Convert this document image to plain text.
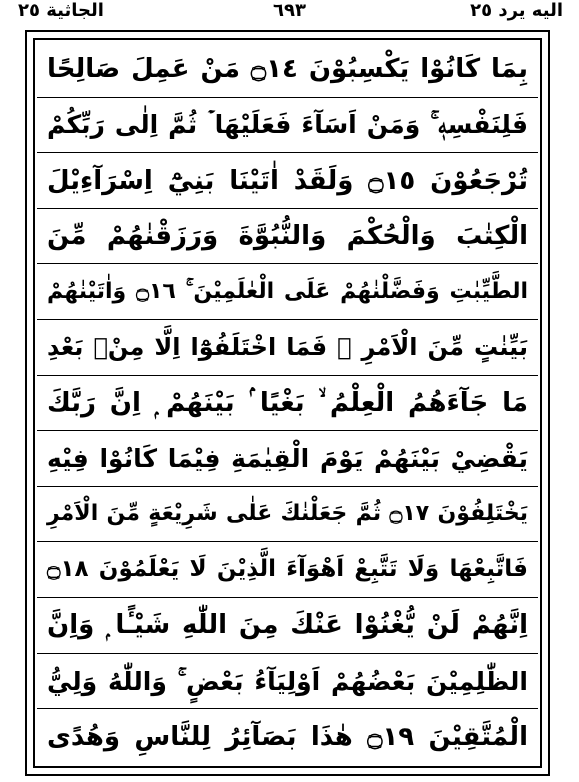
الجاثية ٢٥	٦٩٣	اليه يرد ٢٥
بِمَا كَانُوْا يَكْسِبُوْنَ ۝١٤ مَنْ عَمِلَ صَالِحًا
فَلِنَفْسِهٖ ۚ وَمَنْ اَسَآءَ فَعَلَيْهَا ۡ ثُمَّ اِلٰى رَبِّكُمْ
تُرْجَعُوْنَ ۝١٥ وَلَقَدْ اٰتَيْنَا بَنِيْٓ اِسْرَآءِيْلَ
الْكِتٰبَ وَالْحُكْمَ وَالنُّبُوَّةَ وَرَزَقْنٰهُمْ مِّنَ
الطَّيِّبٰتِ وَفَضَّلْنٰهُمْ عَلَى الْعٰلَمِيْنَ ۚ ۝١٦ وَاٰتَيْنٰهُمْ
بَيِّنٰتٍ مِّنَ الْاَمْرِ ۚ فَمَا اخْتَلَفُوْٓا اِلَّا مِنْۢ بَعْدِ
مَا جَآءَهُمُ الْعِلْمُ ۙ بَغْيًا ۢ بَيْنَهُمْ ۭ اِنَّ رَبَّكَ
يَقْضِيْ بَيْنَهُمْ يَوْمَ الْقِيٰمَةِ فِيْمَا كَانُوْا فِيْهِ
يَخْتَلِفُوْنَ ۝١٧ ثُمَّ جَعَلْنٰكَ عَلٰى شَرِيْعَةٍ مِّنَ الْاَمْرِ
فَاتَّبِعْهَا وَلَا تَتَّبِعْ اَهْوَآءَ الَّذِيْنَ لَا يَعْلَمُوْنَ ۝١٨
اِنَّهُمْ لَنْ يُّغْنُوْا عَنْكَ مِنَ اللّٰهِ شَيْـًٔا ۭ وَاِنَّ
الظّٰلِمِيْنَ بَعْضُهُمْ اَوْلِيَآءُ بَعْضٍ ۚ وَاللّٰهُ وَلِيُّ
الْمُتَّقِيْنَ ۝١٩ هٰذَا بَصَآئِرُ لِلنَّاسِ وَهُدًى
